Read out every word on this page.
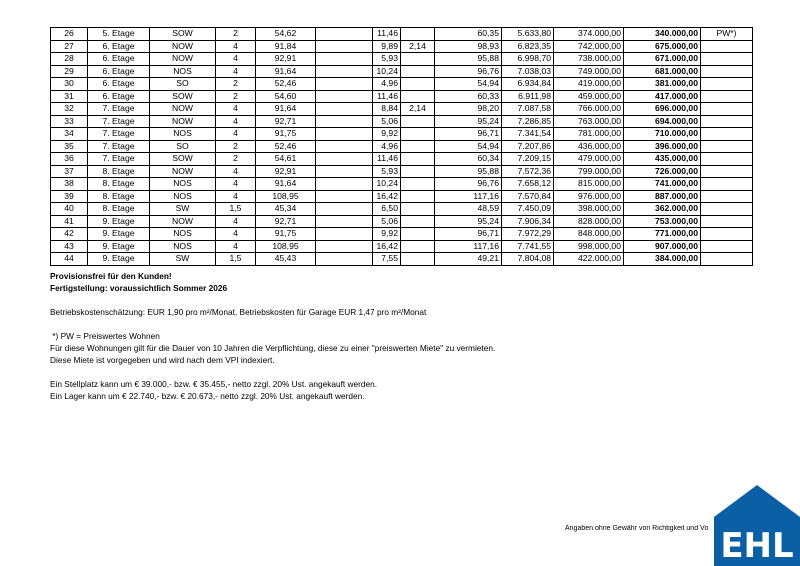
26	5. Etage	SOW	2	54,62		11,46		60,35	5.633,80	374.000,00	340.000,00	PW*)
27	6. Etage	NOW	4	91,84		9,89	2,14	98,93	6.823,35	742.000,00	675.000,00	
28	6. Etage	NOW	4	92,91		5,93		95,88	6.998,70	738.000,00	671.000,00	
29	6. Etage	NOS	4	91,64		10,24		96,76	7.038,03	749.000,00	681.000,00	
30	6. Etage	SO	2	52,46		4,96		54,94	6.934,84	419.000,00	381.000,00	
31	6. Etage	SOW	2	54,60		11,46		60,33	6.911,98	459.000,00	417.000,00	
32	7. Etage	NOW	4	91,64		8,84	2,14	98,20	7.087,58	766.000,00	696.000,00	
33	7. Etage	NOW	4	92,71		5,06		95,24	7.286,85	763.000,00	694.000,00	
34	7. Etage	NOS	4	91,75		9,92		96,71	7.341,54	781.000,00	710.000,00	
35	7. Etage	SO	2	52,46		4,96		54,94	7.207,86	436.000,00	396.000,00	
36	7. Etage	SOW	2	54,61		11,46		60,34	7.209,15	479.000,00	435.000,00	
37	8. Etage	NOW	4	92,91		5,93		95,88	7.572,36	799.000,00	726.000,00	
38	8. Etage	NOS	4	91,64		10,24		96,76	7.658,12	815.000,00	741.000,00	
39	8. Etage	NOS	4	108,95		16,42		117,16	7.570,84	976.000,00	887.000,00	
40	8. Etage	SW	1,5	45,34		6,50		48,59	7.450,09	398.000,00	362.000,00	
41	9. Etage	NOW	4	92,71		5,06		95,24	7.906,34	828.000,00	753.000,00	
42	9. Etage	NOS	4	91,75		9,92		96,71	7.972,29	848.000,00	771.000,00	
43	9. Etage	NOS	4	108,95		16,42		117,16	7.741,55	998.000,00	907.000,00	
44	9. Etage	SW	1,5	45,43		7,55		49,21	7.804,08	422.000,00	384.000,00	
Provisionsfrei für den Kunden!
Fertigstellung: voraussichtlich Sommer 2026
Betriebskostenschätzung: EUR 1,90 pro m²/Monat, Betriebskosten für Garage EUR 1,47 pro m²/Monat
*) PW = Preiswertes Wohnen
Für diese Wohnungen gilt für die Dauer von 10 Jahren die Verpflichtung, diese zu einer "preiswerten Miete" zu vermieten.
Diese Miete ist vorgegeben und wird nach dem VPI indexiert.
Ein Stellplatz kann um € 39.000,- bzw. € 35.455,- netto zzgl. 20% Ust. angekauft werden.
Ein Lager kann um € 22.740,- bzw. € 20.673,- netto zzgl. 20% Ust. angekauft werden.
Angaben ohne Gewähr von Richtigkeit und Vo EHL
